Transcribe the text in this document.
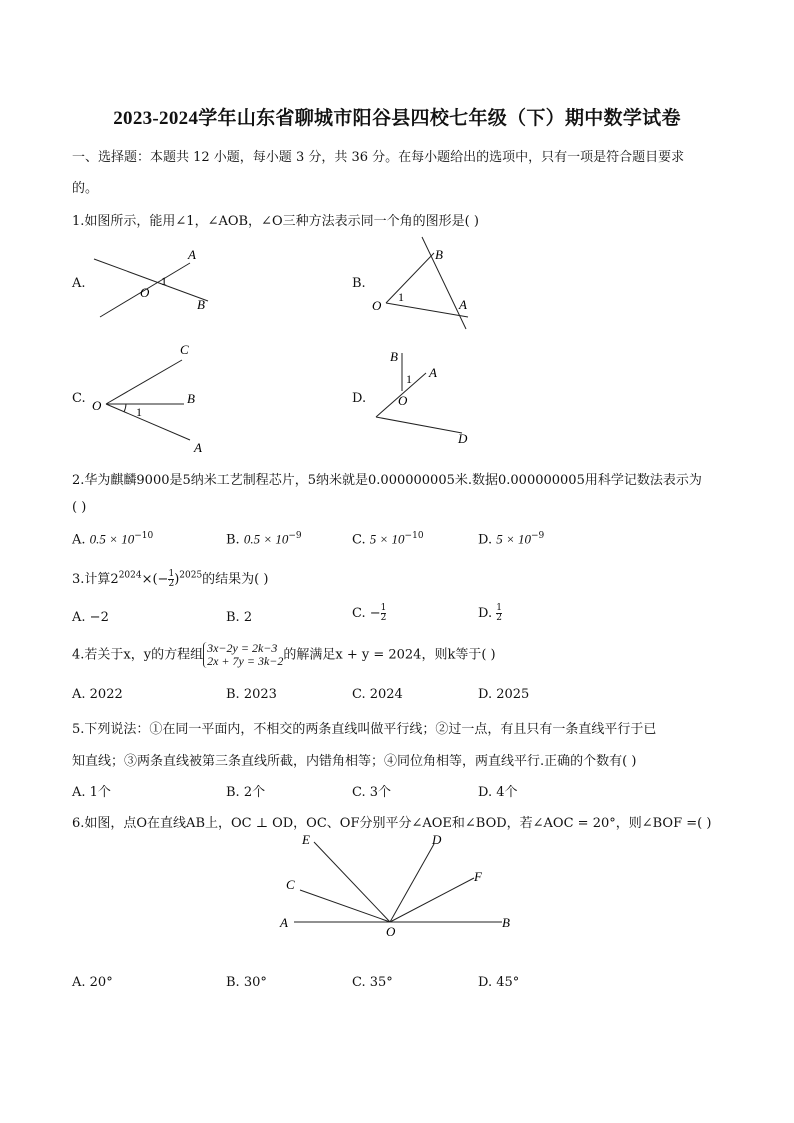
2023-2024学年山东省聊城市阳谷县四校七年级（下）期中数学试卷
一、选择题：本题共 12 小题，每小题 3 分，共 36 分。在每小题给出的选项中，只有一项是符合题目要求
的。
1.如图所示，能用∠1，∠AOB，∠O三种方法表示同一个角的图形是( )
A.
A
B
O
1	B.
B
A
O
1
C.
C
B
A
O	1
D.
B
A
D
O
1
2.华为麒麟9000是5纳米工艺制程芯片，5纳米就是0.000000005米.数据0.000000005用科学记数法表示为
( )
A. $0.5 \times 10^{-10}$	B. $0.5 \times 10^{-9}$	C. $5 \times 10^{-10}$	D. $5 \times 10^{-9}$
3.计算$2^{2024}\times(- \frac{1}{2} )^{2025}$的结果为( )
A. −2	B. 2	C. − $\frac{1}{2}$	D. $\frac{1}{2}$
4.若关于x，y的方程组 3x−2y = 2k−3
2x + 7y = 3k−2 的解满足x + y = 2024，则k等于( )
A. 2022	B. 2023	C. 2024	D. 2025
5.下列说法：①在同一平面内，不相交的两条直线叫做平行线；②过一点，有且只有一条直线平行于已
知直线；③两条直线被第三条直线所截，内错角相等；④同位角相等，两直线平行.正确的个数有( )
A. 1个	B. 2个	C. 3个	D. 4个
6.如图，点O在直线AB上，OC ⊥ OD，OC、OF分别平分∠AOE和∠BOD，若∠AOC = 20°，则∠BOF =( )
A	B
C
E	D
F
O
A. 20°	B. 30°	C. 35°	D. 45°
